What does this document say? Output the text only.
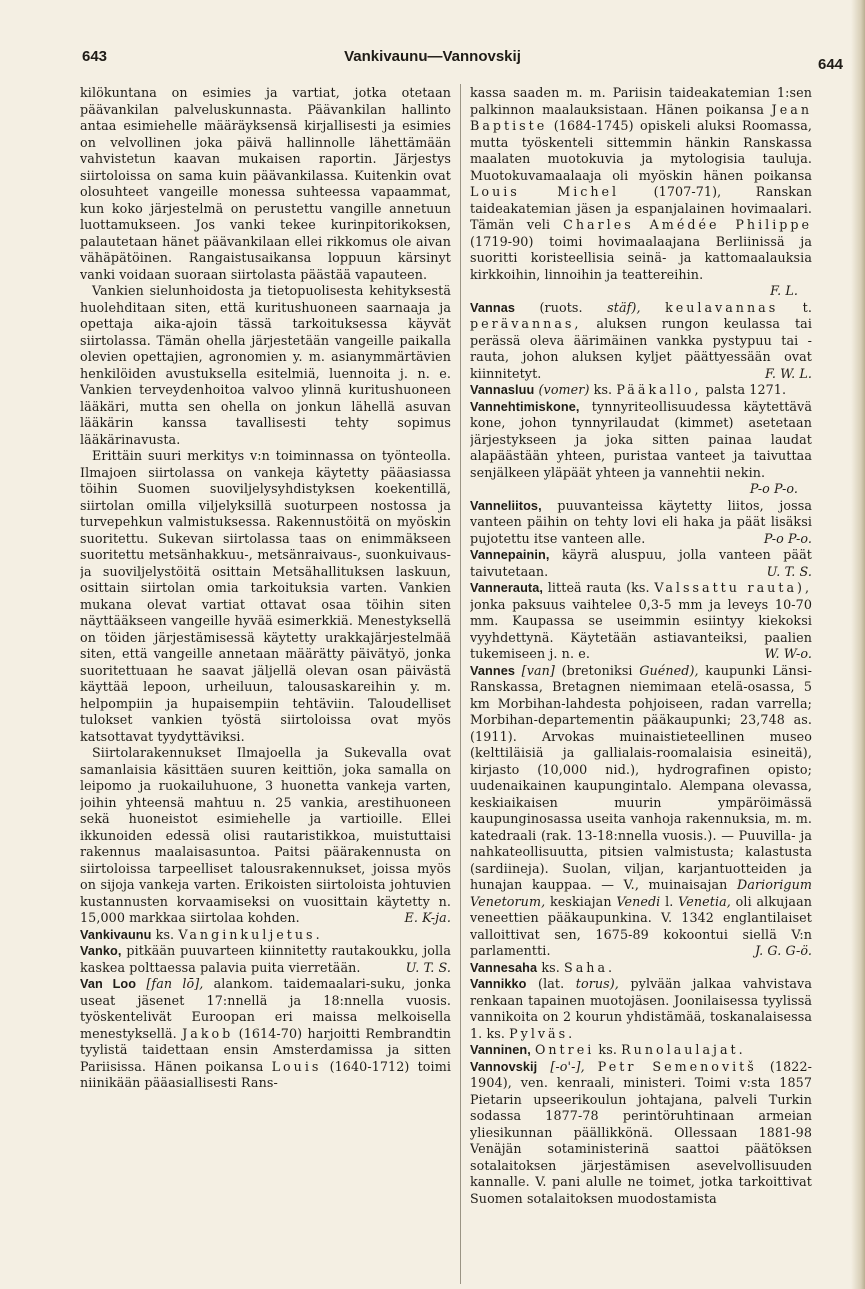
643	Vankivaunu—Vannovskij	644

kilökuntana on esimies ja vartiat, jotka otetaan päävankilan palveluskunnasta. Päävankilan hallinto antaa esimiehelle määräyksensä kirjallisesti ja esimies on velvollinen joka päivä hallinnolle lähettämään vahvistetun kaavan mukaisen raportin. Järjestys siirtoloissa on sama kuin päävankilassa. Kuitenkin ovat olosuhteet vangeille monessa suhteessa vapaammat, kun koko järjestelmä on perustettu vangille annetuun luottamukseen. Jos vanki tekee kurinpitorikoksen, palautetaan hänet päävankilaan ellei rikkomus ole aivan vähäpätöinen. Rangaistusaikansa loppuun kärsinyt vanki voidaan suoraan siirtolasta päästää vapauteen.

Vankien sielunhoidosta ja tietopuolisesta kehityksestä huolehditaan siten, että kuritushuoneen saarnaaja ja opettaja aika-ajoin tässä tarkoituksessa käyvät siirtolassa. Tämän ohella järjestetään vangeille paikalla olevien opettajien, agronomien y. m. asianymmärtävien henkilöiden avustuksella esitelmiä, luennoita j. n. e. Vankien terveydenhoitoa valvoo ylinnä kuritushuoneen lääkäri, mutta sen ohella on jonkun lähellä asuvan lääkärin kanssa tavallisesti tehty sopimus lääkärinavusta.

Erittäin suuri merkitys v:n toiminnassa on työnteolla. Ilmajoen siirtolassa on vankeja käytetty pääasiassa töihin Suomen suoviljelysyhdistyksen koekentillä, siirtolan omilla viljelyksillä suoturpeen nostossa ja turvepehkun valmistuksessa. Rakennustöitä on myöskin suoritettu. Sukevan siirtolassa taas on enimmäkseen suoritettu metsänhakkuu-, metsänraivaus-, suonkuivaus- ja suoviljelystöitä osittain Metsähallituksen laskuun, osittain siirtolan omia tarkoituksia varten. Vankien mukana olevat vartiat ottavat osaa töihin siten näyttääkseen vangeille hyvää esimerkkiä. Menestyksellä on töiden järjestämisessä käytetty urakkajärjestelmää siten, että vangeille annetaan määrätty päivätyö, jonka suoritettuaan he saavat jäljellä olevan osan päivästä käyttää lepoon, urheiluun, talousaskareihin y. m. helpompiin ja hupaisempiin tehtäviin. Taloudelliset tulokset vankien työstä siirtoloissa ovat myös katsottavat tyydyttäviksi.

Siirtolarakennukset Ilmajoella ja Sukevalla ovat samanlaisia käsittäen suuren keittiön, joka samalla on leipomo ja ruokailuhuone, 3 huonetta vankeja varten, joihin yhteensä mahtuu n. 25 vankia, arestihuoneen sekä huoneistot esimiehelle ja vartioille. Ellei ikkunoiden edessä olisi rautaristikkoa, muistuttaisi rakennus maalaisasuntoa. Paitsi päärakennusta on siirtoloissa tarpeelliset talousrakennukset, joissa myös on sijoja vankeja varten. Erikoisten siirtoloista johtuvien kustannusten korvaamiseksi on vuosittain käytetty n. 15,000 markkaa siirtolaa kohden.	E. K-ja.

Vankivaunu ks. Vanginkuljetus.

Vanko, pitkään puuvarteen kiinnitetty rautakoukku, jolla kaskea polttaessa palavia puita vierretään.	U. T. S.

Van Loo [fan lō], alankom. taidemaalari-suku, jonka useat jäsenet 17:nnellä ja 18:nnella vuosis. työskentelivät Euroopan eri maissa melkoisella menestyksellä. Jakob (1614-70) harjoitti Rembrandtin tyylistä taidettaan ensin Amsterdamissa ja sitten Pariisissa. Hänen poikansa Louis (1640-1712) toimi niinikään pääasiallisesti Rans-

kassa saaden m. m. Pariisin taideakatemian 1:sen palkinnon maalauksistaan. Hänen poikansa Jean Baptiste (1684-1745) opiskeli aluksi Roomassa, mutta työskenteli sittemmin hänkin Ranskassa maalaten muotokuvia ja mytologisia tauluja. Muotokuvamaalaaja oli myöskin hänen poikansa Louis Michel	(1707-71), Ranskan taideakatemian jäsen ja espanjalainen hovimaalari. Tämän veli Charles Amédée Philippe (1719-90) toimi hovimaalaajana Berliinissä ja suoritti koristeellisia seinä- ja kattomaalauksia kirkkoihin, linnoihin ja teattereihin.
F. L.

Vannas (ruots. stäf), keulavannas t. perävannas, aluksen rungon keulassa tai perässä oleva äärimäinen vankka pystypuu tai -rauta, johon aluksen kyljet päättyessään ovat kiinnitetyt.	F. W. L.

Vannasluu (vomer) ks. Pääkallo, palsta 1271.

Vannehtimiskone, tynnyriteollisuudessa käytettävä kone, johon tynnyrilaudat (kimmet) asetetaan järjestykseen ja joka sitten painaa laudat alapäästään yhteen, puristaa vanteet ja taivuttaa senjälkeen yläpäät yhteen ja vannehtii nekin.
P-o P-o.

Vanneliitos, puuvanteissa käytetty liitos, jossa vanteen päihin on tehty lovi eli haka ja päät lisäksi pujotettu itse vanteen alle.	P-o P-o.

Vannepainin, käyrä aluspuu, jolla vanteen päät taivutetaan.	U. T. S.

Vannerauta, litteä rauta (ks. Valssattu rauta), jonka paksuus vaihtelee 0,3-5 mm ja leveys 10-70 mm. Kaupassa se useimmin esiintyy kiekoksi vyyhdettynä. Käytetään astiavanteiksi, paalien tukemiseen j. n. e.	W. W-o.

Vannes [van] (bretoniksi Guéned), kaupunki Länsi-Ranskassa, Bretagnen niemimaan etelä-osassa, 5 km Morbihan-lahdesta pohjoiseen, radan varrella; Morbihan-departementin pääkaupunki; 23,748 as. (1911). Arvokas muinaistieteellinen museo (kelttiläisiä ja gallialais-roomalaisia esineitä), kirjasto (10,000 nid.), hydrografinen opisto; uudenaikainen kaupungintalo. Alempana olevassa, keskiaikaisen muurin ympäröimässä kaupunginosassa useita vanhoja rakennuksia, m. m. katedraali (rak. 13-18:nnella vuosis.). — Puuvilla- ja nahkateollisuutta, pitsien valmistusta; kalastusta (sardiineja). Suolan, viljan, karjantuotteiden ja hunajan kauppaa. — V., muinaisajan Dariorigum Venetorum, keskiajan Venedi l. Venetia, oli alkujaan veneettien pääkaupunkina. V. 1342 englantilaiset valloittivat sen, 1675-89 kokoontui siellä V:n parlamentti.	J. G. G-ö.

Vannesaha ks. Saha.

Vannikko (lat. torus), pylvään jalkaa vahvistava renkaan tapainen muotojäsen. Joonilaisessa tyylissä vannikoita on 2 kourun yhdistämää, toskanalaisessa 1. ks. Pylväs.

Vanninen, Ontrei ks. Runolaulajat.

Vannovskij [-o'-], Petr Semenovitš (1822-1904), ven. kenraali, ministeri. Toimi v:sta 1857 Pietarin upseerikoulun johtajana, palveli Turkin sodassa 1877-78 perintöruhtinaan armeian yliesikunnan päällikkönä. Ollessaan 1881-98 Venäjän sotaministerinä saattoi päätöksen sotalaitoksen järjestämisen asevelvollisuuden kannalle. V. pani alulle ne toimet, jotka tarkoittivat Suomen sotalaitoksen muodostamista
